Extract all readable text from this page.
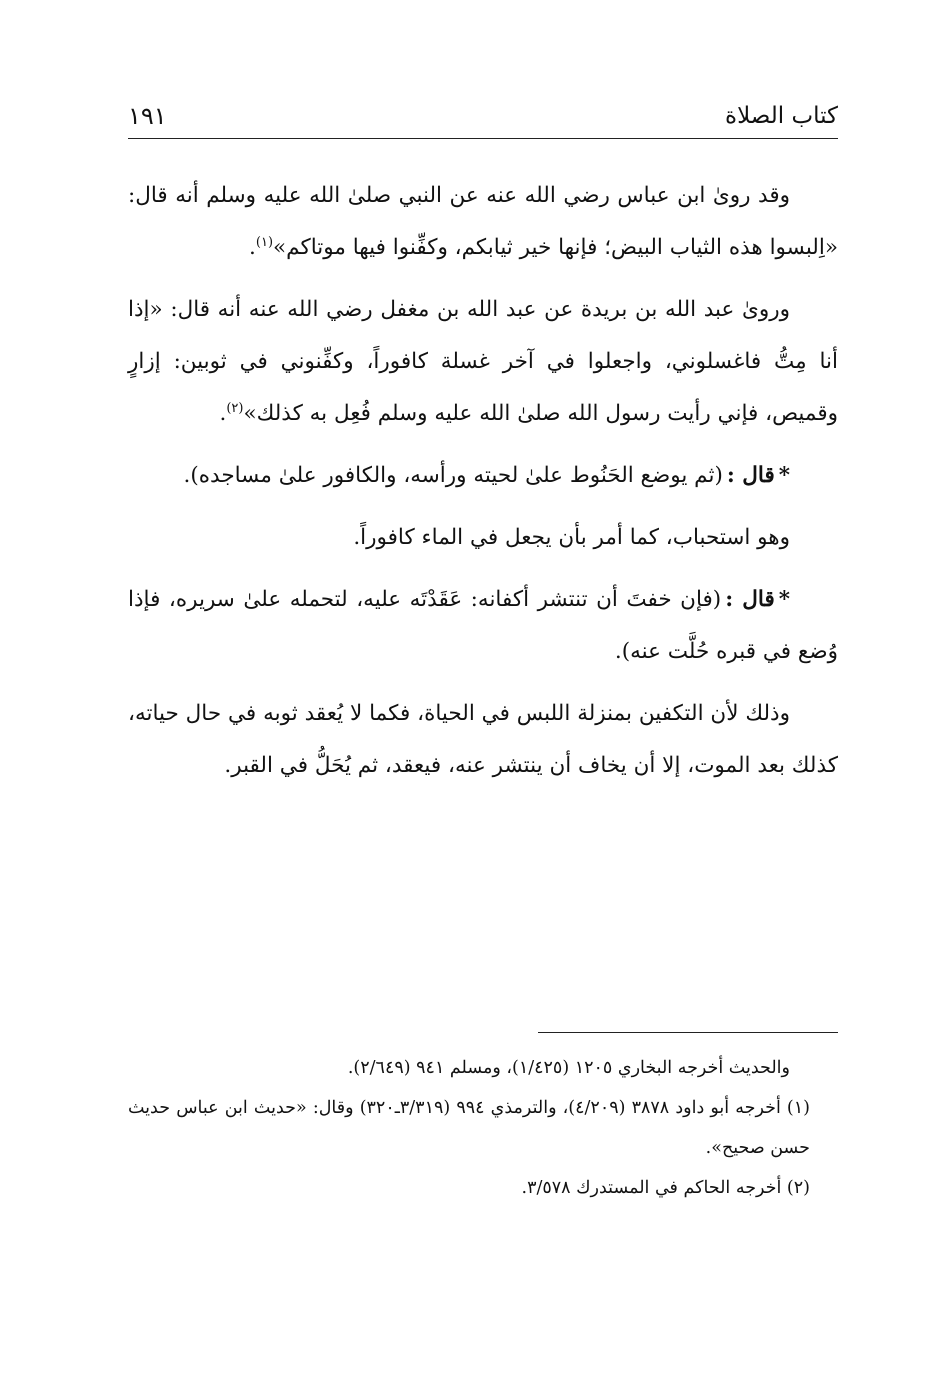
كتاب الصلاة
١٩١

وقد رویٰ ابن عباس رضي الله عنه عن النبي صلیٰ الله عليه وسلم أنه قال: «اِلبسوا هذه الثياب البيض؛ فإنها خير ثيابكم، وكفِّنوا فيها موتاكم»$^{(١)}$.

ورویٰ عبد الله بن بريدة عن عبد الله بن مغفل رضي الله عنه أنه قال: «إذا أنا مِتُّ فاغسلوني، واجعلوا في آخر غسلة كافوراً، وكفِّنوني في ثوبين: إزارٍ وقميص، فإني رأيت رسول الله صلیٰ الله عليه وسلم فُعِل به كذلك»$^{(٢)}$.

*قال :(ثم يوضع الحَنُوط علیٰ لحيته ورأسه، والكافور علیٰ مساجده).

وهو استحباب، كما أمر بأن يجعل في الماء كافوراً.

*قال :(فإن خفتَ أن تنتشر أكفانه: عَقَدْتَه عليه، لتحمله علیٰ سريره، فإذا وُضع في قبره حُلَّت عنه).

وذلك لأن التكفين بمنزلة اللبس في الحياة، فكما لا يُعقد ثوبه في حال حياته، كذلك بعد الموت، إلا أن يخاف أن ينتشر عنه، فيعقد، ثم يُحَلُّ في القبر.

والحديث أخرجه البخاري ١٢٠٥ (١/٤٢٥)، ومسلم ٩٤١ (٢/٦٤٩).

(١) أخرجه أبو داود ٣٨٧٨ (٤/٢٠٩)، والترمذي ٩٩٤ (٣/٣١٩ـ٣٢٠) وقال: «حديث ابن عباس حديث حسن صحيح».

(٢) أخرجه الحاكم في المستدرك ٣/٥٧٨.
